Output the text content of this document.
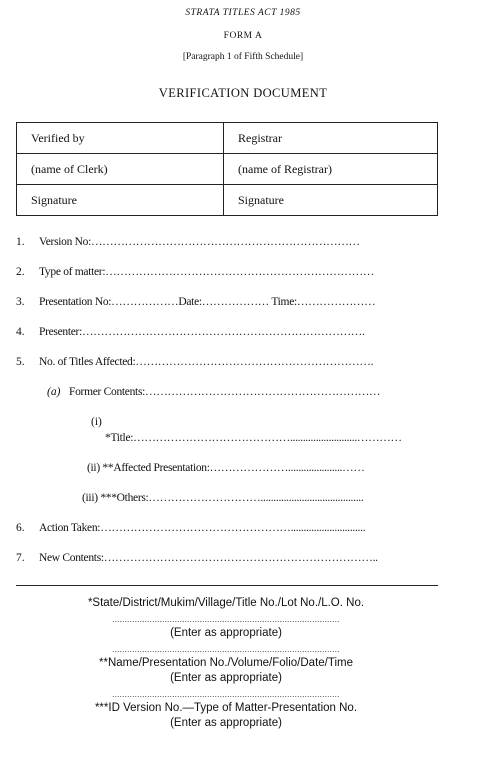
STRATA TITLES ACT 1985
FORM A
[Paragraph 1 of Fifth Schedule]
VERIFICATION DOCUMENT
Verified by	Registrar
(name of Clerk)	(name of Registrar)
Signature	Signature
1. Version No:………………………………………………………………
2. Type of matter:………………………………………………………………
3. Presentation No:………………Date:……………… Time:…………………
4. Presenter:………………………………………………………………….
5. No. of Titles Affected:……………………………………………………….
(a) Former Contents:………………………………………………………
(i)
*Title:……………………………………..........................…………
(ii) **Affected Presentation:………………….....................……
(iii) ***Others:…………………………........................................
6. Action Taken:…………………………………………….............................
7. New Contents:………………………………………………………………..
*State/District/Mukim/Village/Title No./Lot No./L.O. No.
...........................................................................................
(Enter as appropriate)
...........................................................................................
**Name/Presentation No./Volume/Folio/Date/Time
(Enter as appropriate)
...........................................................................................
***ID Version No.—Type of Matter-Presentation No.
(Enter as appropriate)
